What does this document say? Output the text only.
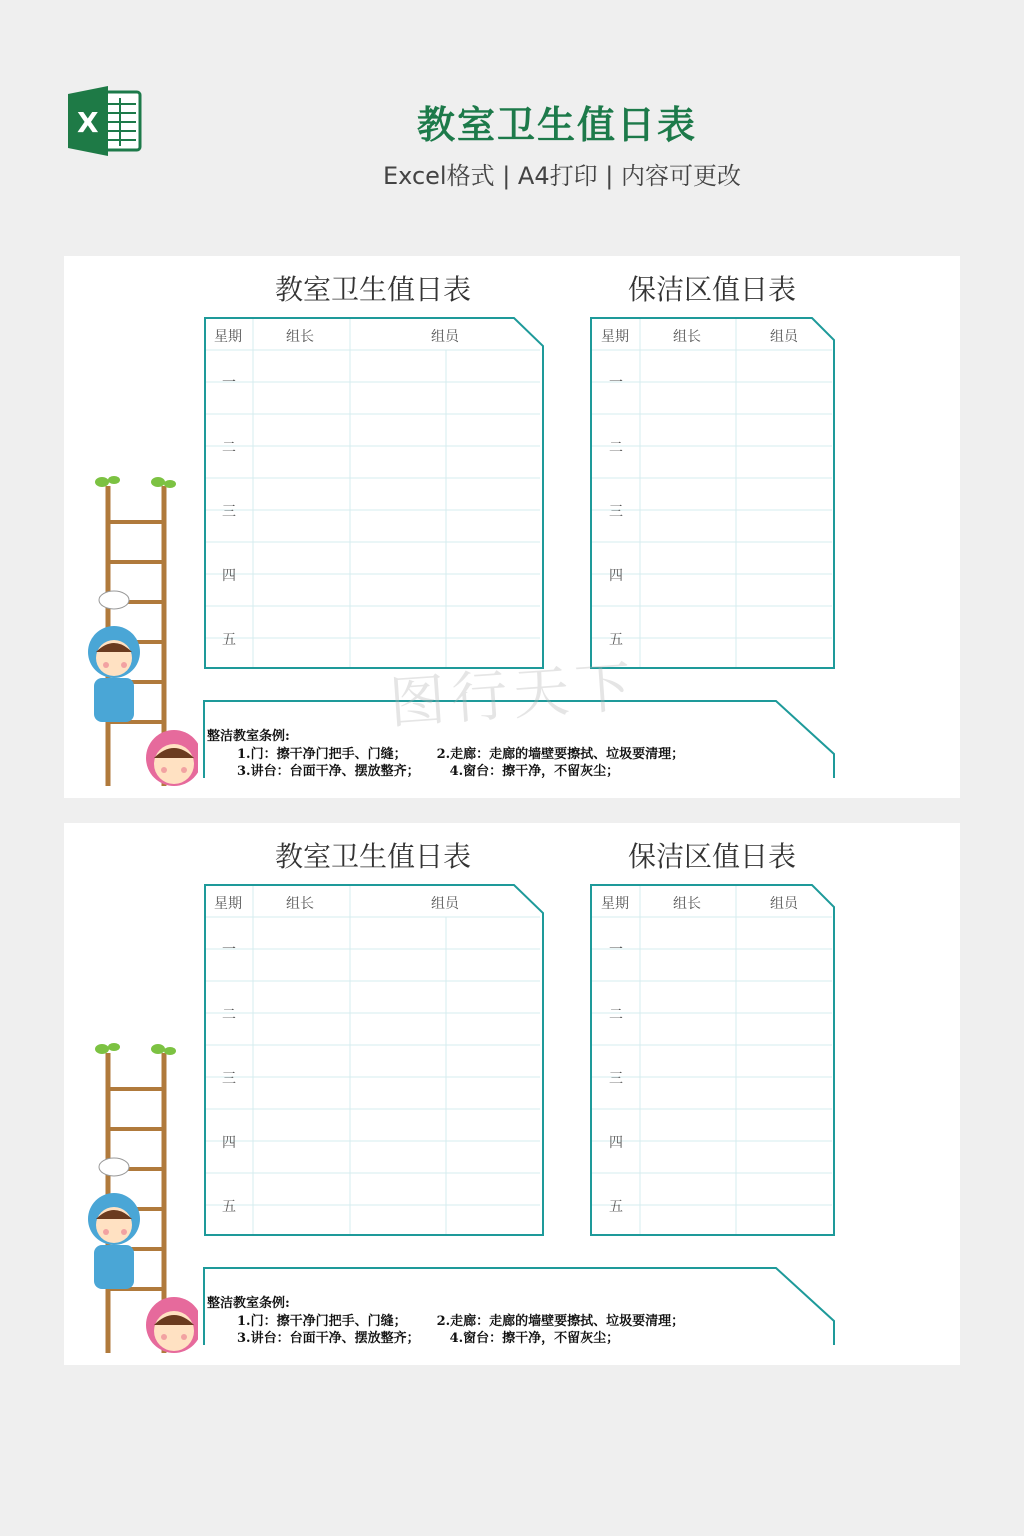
X	教室卫生值日表
Excel格式 | A4打印 | 内容可更改
教室卫生值日表	保洁区值日表
星期	组长	组员
一
二
三
四
五
星期	组长	组员
一
二
三
四
五
整洁教室条例:
1.门：擦干净门把手、门缝； 2.走廊：走廊的墙壁要擦拭、垃圾要清理；
3.讲台：台面干净、摆放整齐； 4.窗台：擦干净，不留灰尘；
图行天下
教室卫生值日表	保洁区值日表
星期	组长	组员
一
二
三
四
五
星期	组长	组员
一
二
三
四
五
整洁教室条例:
1.门：擦干净门把手、门缝； 2.走廊：走廊的墙壁要擦拭、垃圾要清理；
3.讲台：台面干净、摆放整齐； 4.窗台：擦干净，不留灰尘；
